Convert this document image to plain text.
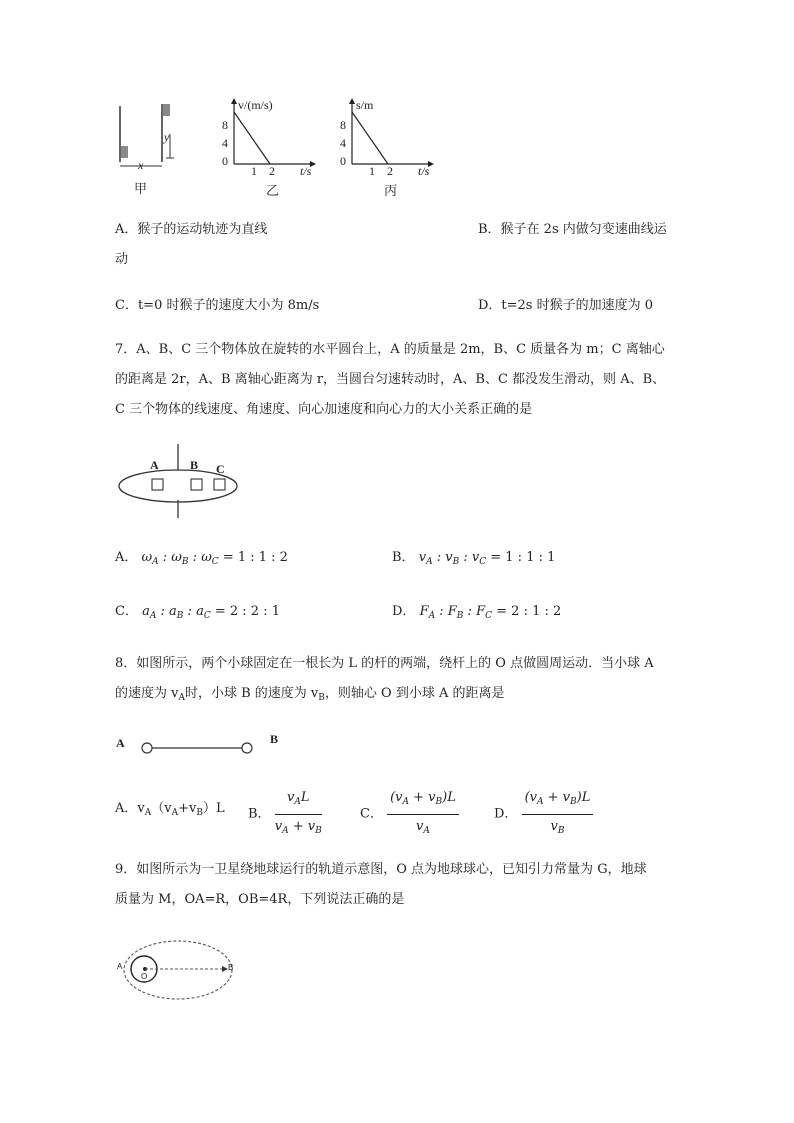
x
y
甲
v/(m/s)
8
4
0
1 2 t/s
乙
s/m
8
4
0
1 2 t/s
丙
A．猴子的运动轨迹为直线	B．猴子在 2s 内做匀变速曲线运
动
C．t=0 时猴子的速度大小为 8m/s	D．t=2s 时猴子的加速度为 0
7．A、B、C 三个物体放在旋转的水平圆台上，A 的质量是 2m，B、C 质量各为 m；C 离轴心
的距离是 2r，A、B 离轴心距离为 r，当圆台匀速转动时，A、B、C 都没发生滑动，则 A、B、
C 三个物体的线速度、角速度、向心加速度和向心力的大小关系正确的是
A	B C
A． $\omega_A$ : $\omega_B$ : $\omega_C = 1$ : 1 : 2	B． $v_A$ : $v_B$ : $v_C = 1$ : 1 : 1
C． $a_A$ : $a_B$ : $a_C = 2$ : 2 : 1	D． $F_A$ : $F_B$ : $F_C = 2$ : 1 : 2
8．如图所示，两个小球固定在一根长为 L 的杆的两端，绕杆上的 O 点做圆周运动．当小球 A
的速度为 $v_A$时，小球 B 的速度为 $v_B$，则轴心 O 到小球 A 的距离是
A	B
A．$v_A(v_A+v_B)L$ B． $\frac{v_AL}{v_A + v_B}$	C． $\frac{(v_A + v_B)L}{v_A}$	D． $\frac{(v_A + v_B)L}{v_B}$
9．如图所示为一卫星绕地球运行的轨道示意图，O 点为地球球心，已知引力常量为 G，地球
质量为 M，OA=R，OB=4R，下列说法正确的是
A
O
B
